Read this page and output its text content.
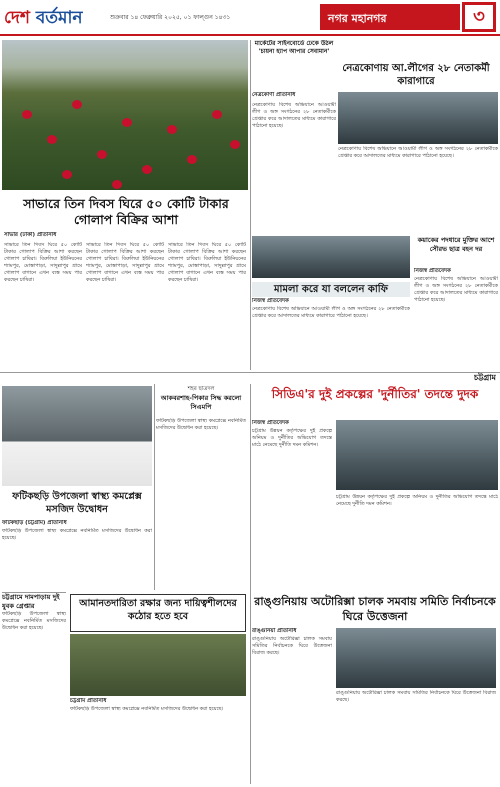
দেশ বর্তমান	শুক্রবার ১৪ ফেব্রুয়ারি ২০২৫, ০১ ফাল্গুন ১৪৩১	নগর মহানগর	৩
সাভারে তিন দিবস ঘিরে ৫০ কোটি টাকার গোলাপ বিক্রির আশা
সাভার (ঢাকা) প্রতিনিধি
সাভারে তিন দিবস ঘিরে ৫০ কোটি টাকার গোলাপ বিক্রির আশা করছেন গোলাপ চাষিরা। বিরুলিয়া ইউনিয়নের শ্যামপুর, মোস্তাপাড়া, সাদুল্লাপুর গ্রামে গোলাপ বাগানে এখন ব্যস্ত সময় পার করছেন চাষিরা।
সাভারে তিন দিবস ঘিরে ৫০ কোটি টাকার গোলাপ বিক্রির আশা করছেন গোলাপ চাষিরা। বিরুলিয়া ইউনিয়নের শ্যামপুর, মোস্তাপাড়া, সাদুল্লাপুর গ্রামে গোলাপ বাগানে এখন ব্যস্ত সময় পার করছেন চাষিরা।
সাভারে তিন দিবস ঘিরে ৫০ কোটি টাকার গোলাপ বিক্রির আশা করছেন গোলাপ চাষিরা। বিরুলিয়া ইউনিয়নের শ্যামপুর, মোস্তাপাড়া, সাদুল্লাপুর গ্রামে গোলাপ বাগানে এখন ব্যস্ত সময় পার করছেন চাষিরা।
মার্কেটের সাইনবোর্ডে ঢেকে উঠল 'চায়না হ্যাপ আপার সেবামান'
নেত্রকোণায় আ.লীগের ২৮ নেতাকর্মী কারাগারে
নেত্রকোণা প্রতিনিধি
নেত্রকোণায় বিশেষ অভিযানে আওয়ামী লীগ ও অঙ্গ সংগঠনের ২৮ নেতাকর্মীকে গ্রেপ্তার করে আদালতের মাধ্যমে কারাগারে পাঠানো হয়েছে।
নেত্রকোণায় বিশেষ অভিযানে আওয়ামী লীগ ও অঙ্গ সংগঠনের ২৮ নেতাকর্মীকে গ্রেপ্তার করে আদালতের মাধ্যমে কারাগারে পাঠানো হয়েছে।
মামলা করে যা বললেন কাফি
নিজস্ব প্রতিবেদক
নেত্রকোণায় বিশেষ অভিযানে আওয়ামী লীগ ও অঙ্গ সংগঠনের ২৮ নেতাকর্মীকে গ্রেপ্তার করে আদালতের মাধ্যমে কারাগারে পাঠানো হয়েছে।
কয়াকের পদধারে মুক্তির আশে সৌরভ ছাত্র বহন দর
নিজস্ব প্রতিবেদক
নেত্রকোণায় বিশেষ অভিযানে আওয়ামী লীগ ও অঙ্গ সংগঠনের ২৮ নেতাকর্মীকে গ্রেপ্তার করে আদালতের মাধ্যমে কারাগারে পাঠানো হয়েছে।
চট্টগ্রাম
ফটিকছড়ি উপজেলা স্বাস্থ্য কমপ্লেক্স মসজিদ উদ্বোধন
ফটিকছড়ি (চট্টগ্রাম) প্রতিনিধি
ফটিকছড়ি উপজেলা স্বাস্থ্য কমপ্লেক্সে নবনির্মিত মসজিদের উদ্বোধন করা হয়েছে।
চট্টগ্রামে দামপাড়ায় দুই যুবক গ্রেপ্তার
ফটিকছড়ি উপজেলা স্বাস্থ্য কমপ্লেক্সে নবনির্মিত মসজিদের উদ্বোধন করা হয়েছে।
শহর ছাত্রদল
আকবরশাহ-পিকার সিদ্ধ করলো সিএমপি
ফটিকছড়ি উপজেলা স্বাস্থ্য কমপ্লেক্সে নবনির্মিত মসজিদের উদ্বোধন করা হয়েছে।
সিডিএ'র দুই প্রকল্পের 'দুর্নীতির' তদন্তে দুদক
নিজস্ব প্রতিবেদক
চট্টগ্রাম উন্নয়ন কর্তৃপক্ষের দুই প্রকল্পে অনিয়ম ও দুর্নীতির অভিযোগ তদন্তে মাঠে নেমেছে দুর্নীতি দমন কমিশন।
চট্টগ্রাম উন্নয়ন কর্তৃপক্ষের দুই প্রকল্পে অনিয়ম ও দুর্নীতির অভিযোগ তদন্তে মাঠে নেমেছে দুর্নীতি দমন কমিশন।
আমানতদারিতা রক্ষার জন্য দায়িত্বশীলদের কঠোর হতে হবে
চট্টগ্রাম প্রতিনিধি
ফটিকছড়ি উপজেলা স্বাস্থ্য কমপ্লেক্সে নবনির্মিত মসজিদের উদ্বোধন করা হয়েছে।
রাঙ্গুনিয়ায় অটোরিক্সা চালক সমবায় সমিতি নির্বাচনকে ঘিরে উত্তেজনা
রাঙ্গুনিয়া প্রতিনিধি
রাঙ্গুনিয়ায় অটোরিক্সা চালক সমবায় সমিতির নির্বাচনকে ঘিরে উত্তেজনা বিরাজ করছে।
রাঙ্গুনিয়ায় অটোরিক্সা চালক সমবায় সমিতির নির্বাচনকে ঘিরে উত্তেজনা বিরাজ করছে।
